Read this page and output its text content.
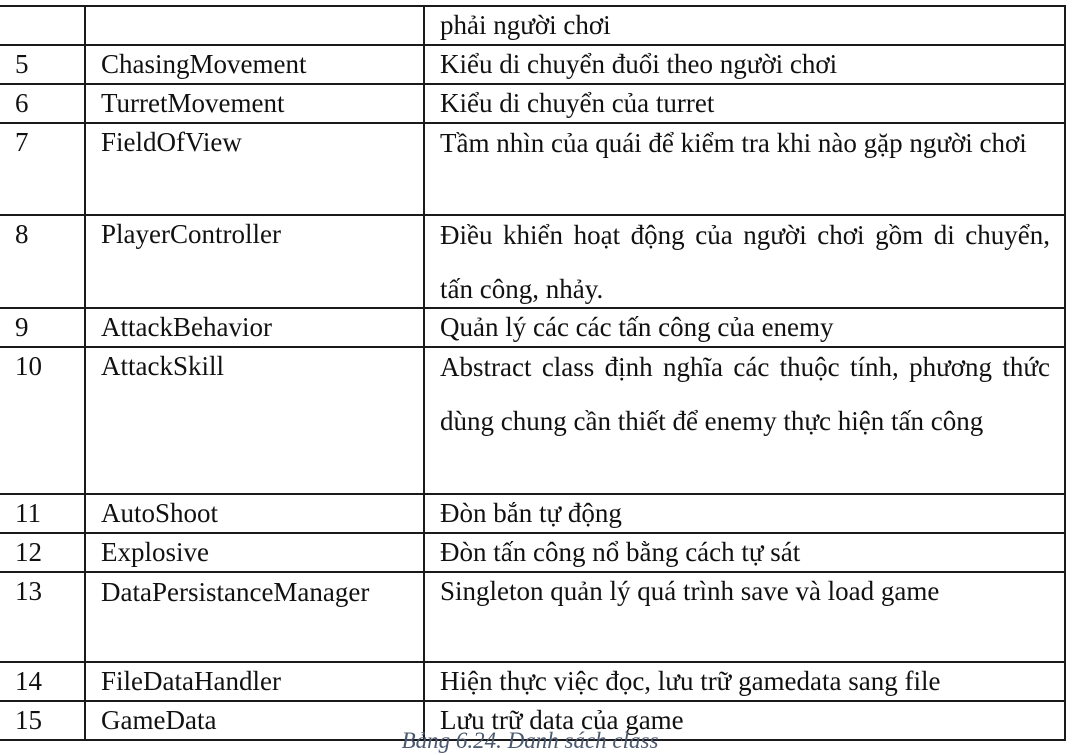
		phải người chơi
5	ChasingMovement	Kiểu di chuyển đuổi theo người chơi
6	TurretMovement	Kiểu di chuyển của turret
7	FieldOfView	Tầm nhìn của quái để kiểm tra khi nào gặp người chơi

8	PlayerController	Điều khiển hoạt động của người chơi gồm di chuyển, tấn công, nhảy.

9	AttackBehavior	Quản lý các các tấn công của enemy
10	AttackSkill	Abstract class định nghĩa các thuộc tính, phương thức dùng chung cần thiết để enemy thực hiện tấn công

11	AutoShoot	Đòn bắn tự động
12	Explosive	Đòn tấn công nổ bằng cách tự sát
13	DataPersistanceManager	Singleton quản lý quá trình save và load game
14	FileDataHandler	Hiện thực việc đọc, lưu trữ gamedata sang file
15	GameData	Lưu trữ data của game
Bảng 6.24. Danh sách class
